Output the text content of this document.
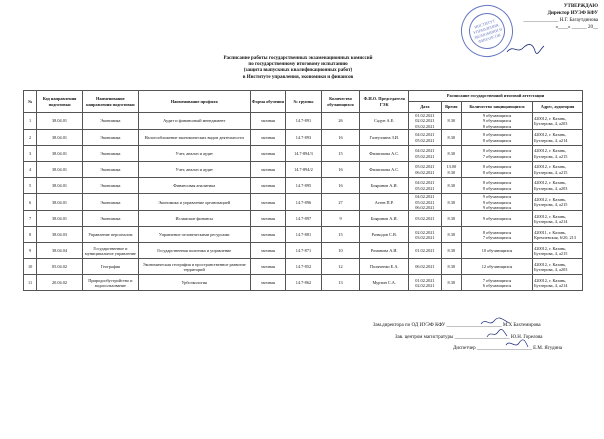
УТВЕРЖДАЮ
Директор ИУЭФ КФУ
______________ Н.Г. Багаутдинова
«____» ______ 20__
ИНСТИТУТ УПРАВЛЕНИЯ, ЭКОНОМИКИ И ФИНАНСОВ
Расписание работы государственных экзаменационных комиссий
по государственному итоговому испытанию
(защита выпускных квалификационных работ)
в Институте управления, экономики и финансов
№	Код направления подготовки	Наименование направления подготовки	Наименование профиля	Форма обучения	№ группы	Количество обучающихся	Ф.И.О. Председателя ГЭК	Расписание государственной итоговой аттестации			
								Дата	Время	Количество защищающихся	Адрес, аудитория
1	38.04.01	Экономика	Аудит и финансовый менеджмент	заочная	14.7-891	26	Садун А.Е.	01.02.2021
02.02.2021
03.02.2021	8.30	9 обучающихся
9 обучающихся
8 обучающихся	420012, г. Казань,
Бутлерова, 4, а203
2	38.04.01	Экономика	Налогообложение экономических видов деятельности	заочная	14.7-893	16	Галеуллина З.И.	04.02.2021
05.02.2021	8.30	8 обучающихся
8 обучающихся	420012, г. Казань,
Бутлерова, 4, а214
3	38.04.01	Экономика	Учет, анализ и аудит	заочная	14.7-894/3	15	Филиппова А.С.	04.02.2021
05.02.2021	8.30	8 обучающихся
7 обучающихся	420012, г. Казань,
Бутлерова, 4, а215
4	38.04.01	Экономика	Учет, анализ и аудит	заочная	14.7-894/2	16	Филиппова А.С.	05.02.2021
06.02.2021	13.00
8.30	8 обучающихся
8 обучающихся	420012, г. Казань,
Бутлерова, 4, а215
5	38.04.01	Экономика	Финансовая аналитика	заочная	14.7-895	16	Бояринов А.И.	04.02.2021
05.02.2021	8.30	8 обучающихся
8 обучающихся	420012, г. Казань,
Бутлерова, 4, а203
6	38.04.01	Экономика	Экономика и управление организацией	заочная	14.7-896	27	Агеев П.Р.	04.02.2021
05.02.2021
06.02.2021	8.30	9 обучающихся
9 обучающихся
9 обучающихся	420012, г. Казань,
Бутлерова, 4, а215
7	38.04.01	Экономика	Исламские финансы	заочная	14.7-897	9	Бояринов А.И.	03.02.2021	8.30	9 обучающихся	420012, г. Казань,
Бутлерова, 4, а214
8	38.04.03	Управление персоналом	Управление человеческими ресурсами	заочная	14.7-881	15	Разводов С.В.	02.02.2021
03.02.2021	8.30	8 обучающихся
7 обучающихся	420011, г. Казань,
Кремлевская, 6/20, 213
9	38.04.04	Государственное и муниципальное управление	Государственная политика и управление	заочная	14.7-871	10	Романова А.И.	01.02.2021	8.30	10 обучающихся	420012, г. Казань,
Бутлерова, 4, а215
10	05.04.02	География	Экономическая география и пространственное развитие территорий	заочная	14.7-852	12	Поляченко Е.А.	06.02.2021	8.30	12 обучающихся	420012, г. Казань,
Бутлерова, 4, а203
11	20.04.02	Природообустройство и водопользование	Урбоэкология	заочная	14.7-862	13	Мурзин С.А.	01.02.2021
02.02.2021	8.30	7 обучающихся
6 обучающихся	420012, г. Казань,
Бутлерова, 4, а214
Зам.директора по ОД ИУЭФ КФУ ______________________ М.Х Бахтемирова
Зав. центром магистратуры ______________________ Ю.Н. Горелова
Диспетчер ______________________ Е.М. Ягудина
